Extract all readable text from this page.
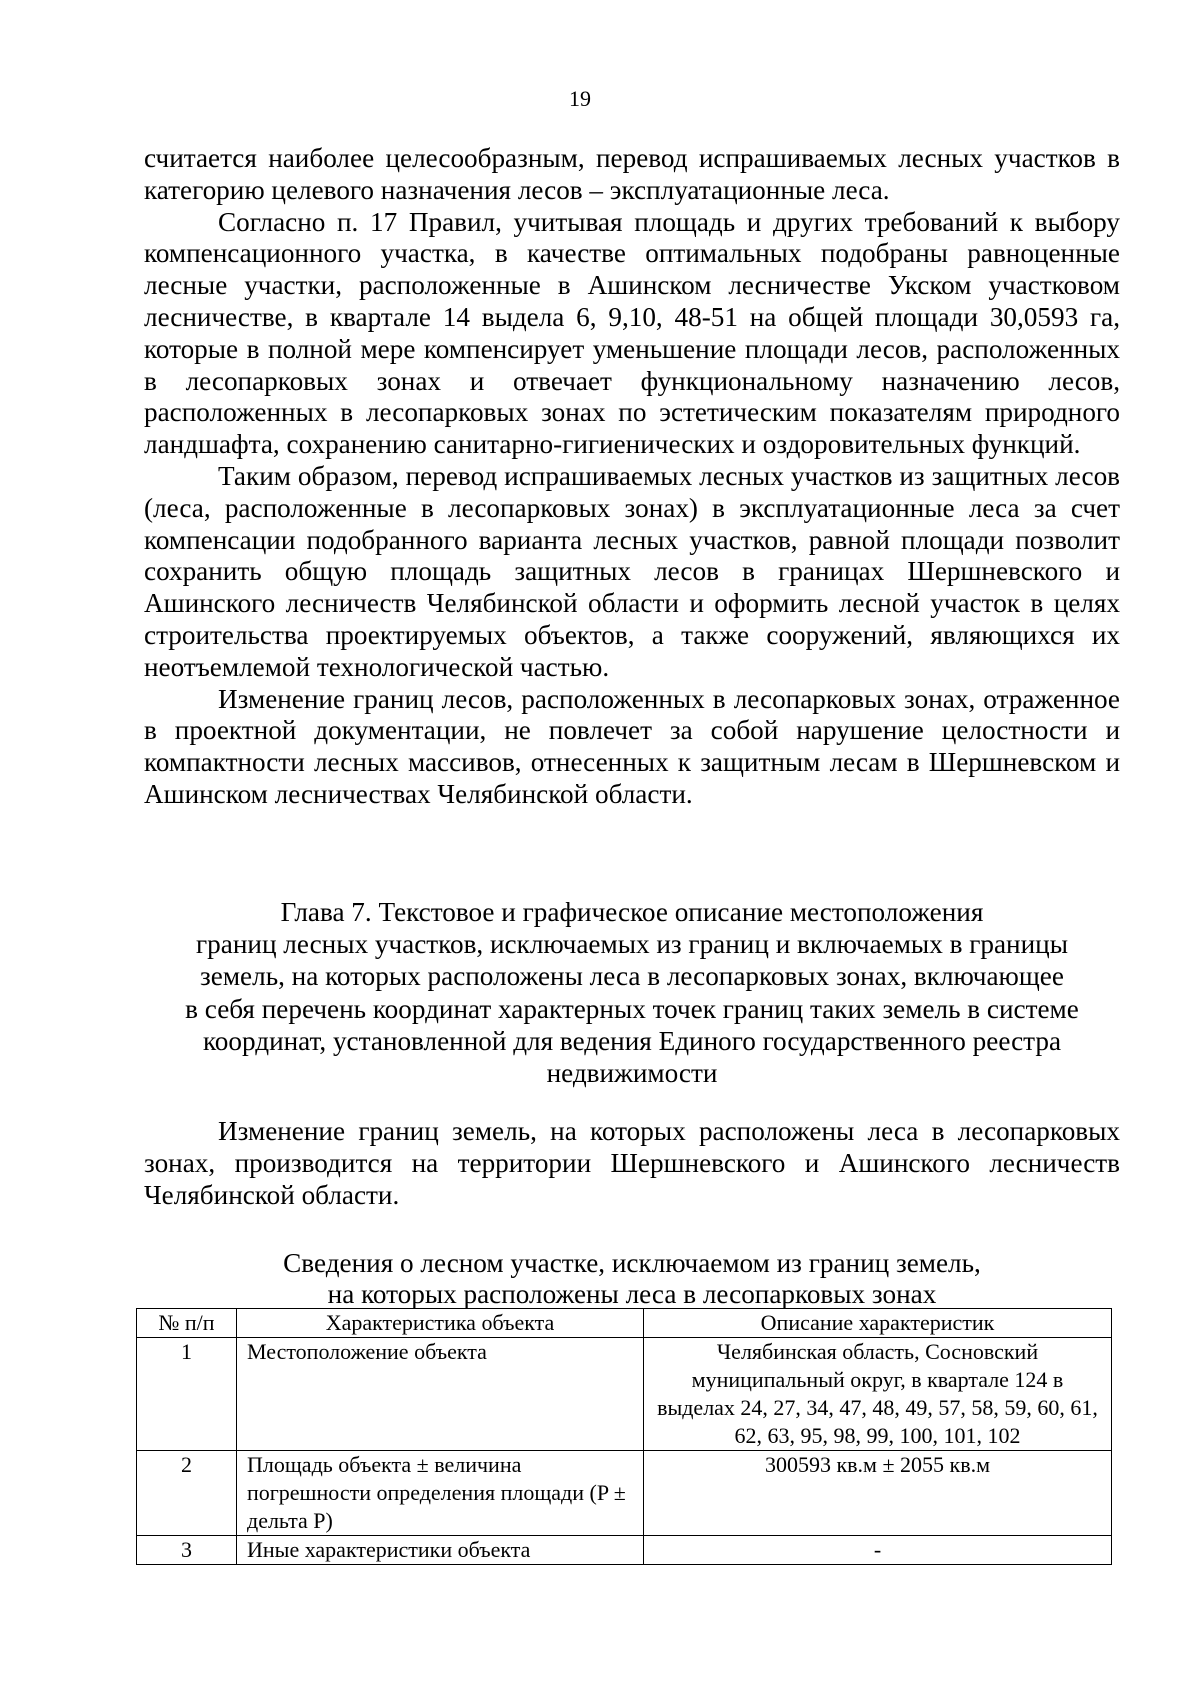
19

считается наиболее целесообразным, перевод испрашиваемых лесных участков в категорию целевого назначения лесов – эксплуатационные леса.

Согласно п. 17 Правил, учитывая площадь и других требований к выбору компенсационного участка, в качестве оптимальных подобраны равноценные лесные участки, расположенные в Ашинском лесничестве Укском участковом лесничестве, в квартале 14 выдела 6, 9,10, 48-51 на общей площади 30,0593 га, которые в полной мере компенсирует уменьшение площади лесов, расположенных в лесопарковых зонах и отвечает функциональному назначению лесов, расположенных в лесопарковых зонах по эстетическим показателям природного ландшафта, сохранению санитарно-гигиенических и оздоровительных функций.

Таким образом, перевод испрашиваемых лесных участков из защитных лесов (леса, расположенные в лесопарковых зонах) в эксплуатационные леса за счет компенсации подобранного варианта лесных участков, равной площади позволит сохранить общую площадь защитных лесов в границах Шершневского и Ашинского лесничеств Челябинской области и оформить лесной участок в целях строительства проектируемых объектов, а также сооружений, являющихся их неотъемлемой технологической частью.

Изменение границ лесов, расположенных в лесопарковых зонах, отраженное в проектной документации, не повлечет за собой нарушение целостности и компактности лесных массивов, отнесенных к защитным лесам в Шершневском и Ашинском лесничествах Челябинской области.

Глава 7. Текстовое и графическое описание местоположения
границ лесных участков, исключаемых из границ и включаемых в границы
земель, на которых расположены леса в лесопарковых зонах, включающее
в себя перечень координат характерных точек границ таких земель в системе
координат, установленной для ведения Единого государственного реестра
недвижимости

Изменение границ земель, на которых расположены леса в лесопарковых зонах, производится на территории Шершневского и Ашинского лесничеств Челябинской области.

Сведения о лесном участке, исключаемом из границ земель,
на которых расположены леса в лесопарковых зонах
№ п/п	Характеристика объекта	Описание характеристик
1	Местоположение объекта	Челябинская область, Сосновский муниципальный округ, в квартале 124 в выделах 24, 27, 34, 47, 48, 49, 57, 58, 59, 60, 61, 62, 63, 95, 98, 99, 100, 101, 102
2	Площадь объекта ± величина погрешности определения площади (P ± дельта P)	300593 кв.м ± 2055 кв.м
3	Иные характеристики объекта	-
